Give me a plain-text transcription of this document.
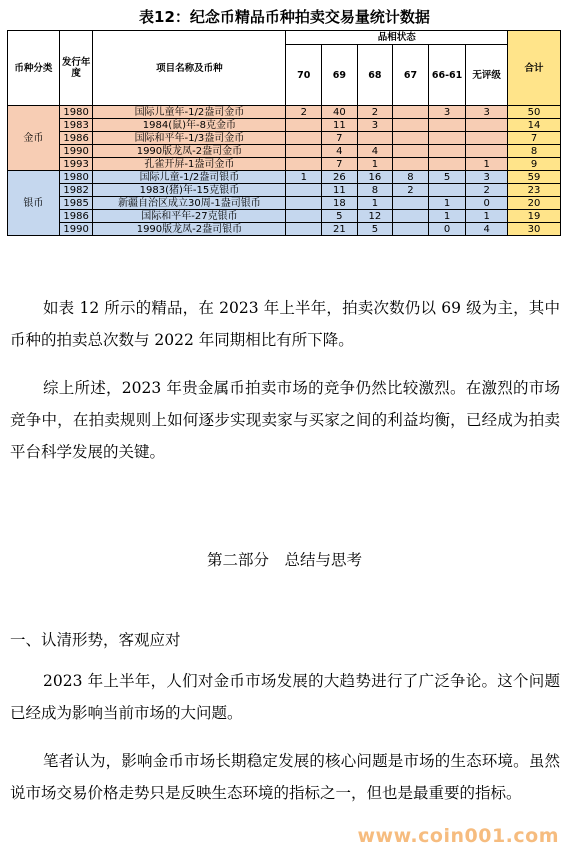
表12：纪念币精品币种拍卖交易量统计数据
币种分类	发行年度	项目名称及币种	品相状态						合计
			70	69	68	67	66-61	无评级	
金币	1980	国际儿童年-1/2盎司金币	2	40	2		3	3	50
	1983	1984(鼠)年-8克金币		11	3				14
	1986	国际和平年-1/3盎司金币		7					7
	1990	1990版龙凤-2盎司金币		4	4				8
	1993	孔雀开屏-1盎司金币		7	1			1	9
银币	1980	国际儿童-1/2盎司银币	1	26	16	8	5	3	59
	1982	1983(猪)年-15克银币		11	8	2		2	23
	1985	新疆自治区成立30周-1盎司银币		18	1		1	0	20
	1986	国际和平年-27克银币		5	12		1	1	19
	1990	1990版龙凤-2盎司银币		21	5		0	4	30
如表 12 所示的精品，在 2023 年上半年，拍卖次数仍以 69 级为主，其中币种的拍卖总次数与 2022 年同期相比有所下降。
综上所述，2023 年贵金属币拍卖市场的竞争仍然比较激烈。在激烈的市场竞争中，在拍卖规则上如何逐步实现卖家与买家之间的利益均衡，已经成为拍卖平台科学发展的关键。
第二部分　总结与思考
一、认清形势，客观应对
2023 年上半年，人们对金币市场发展的大趋势进行了广泛争论。这个问题已经成为影响当前市场的大问题。
笔者认为，影响金币市场长期稳定发展的核心问题是市场的生态环境。虽然说市场交易价格走势只是反映生态环境的指标之一，但也是最重要的指标。
www.coin001.com
